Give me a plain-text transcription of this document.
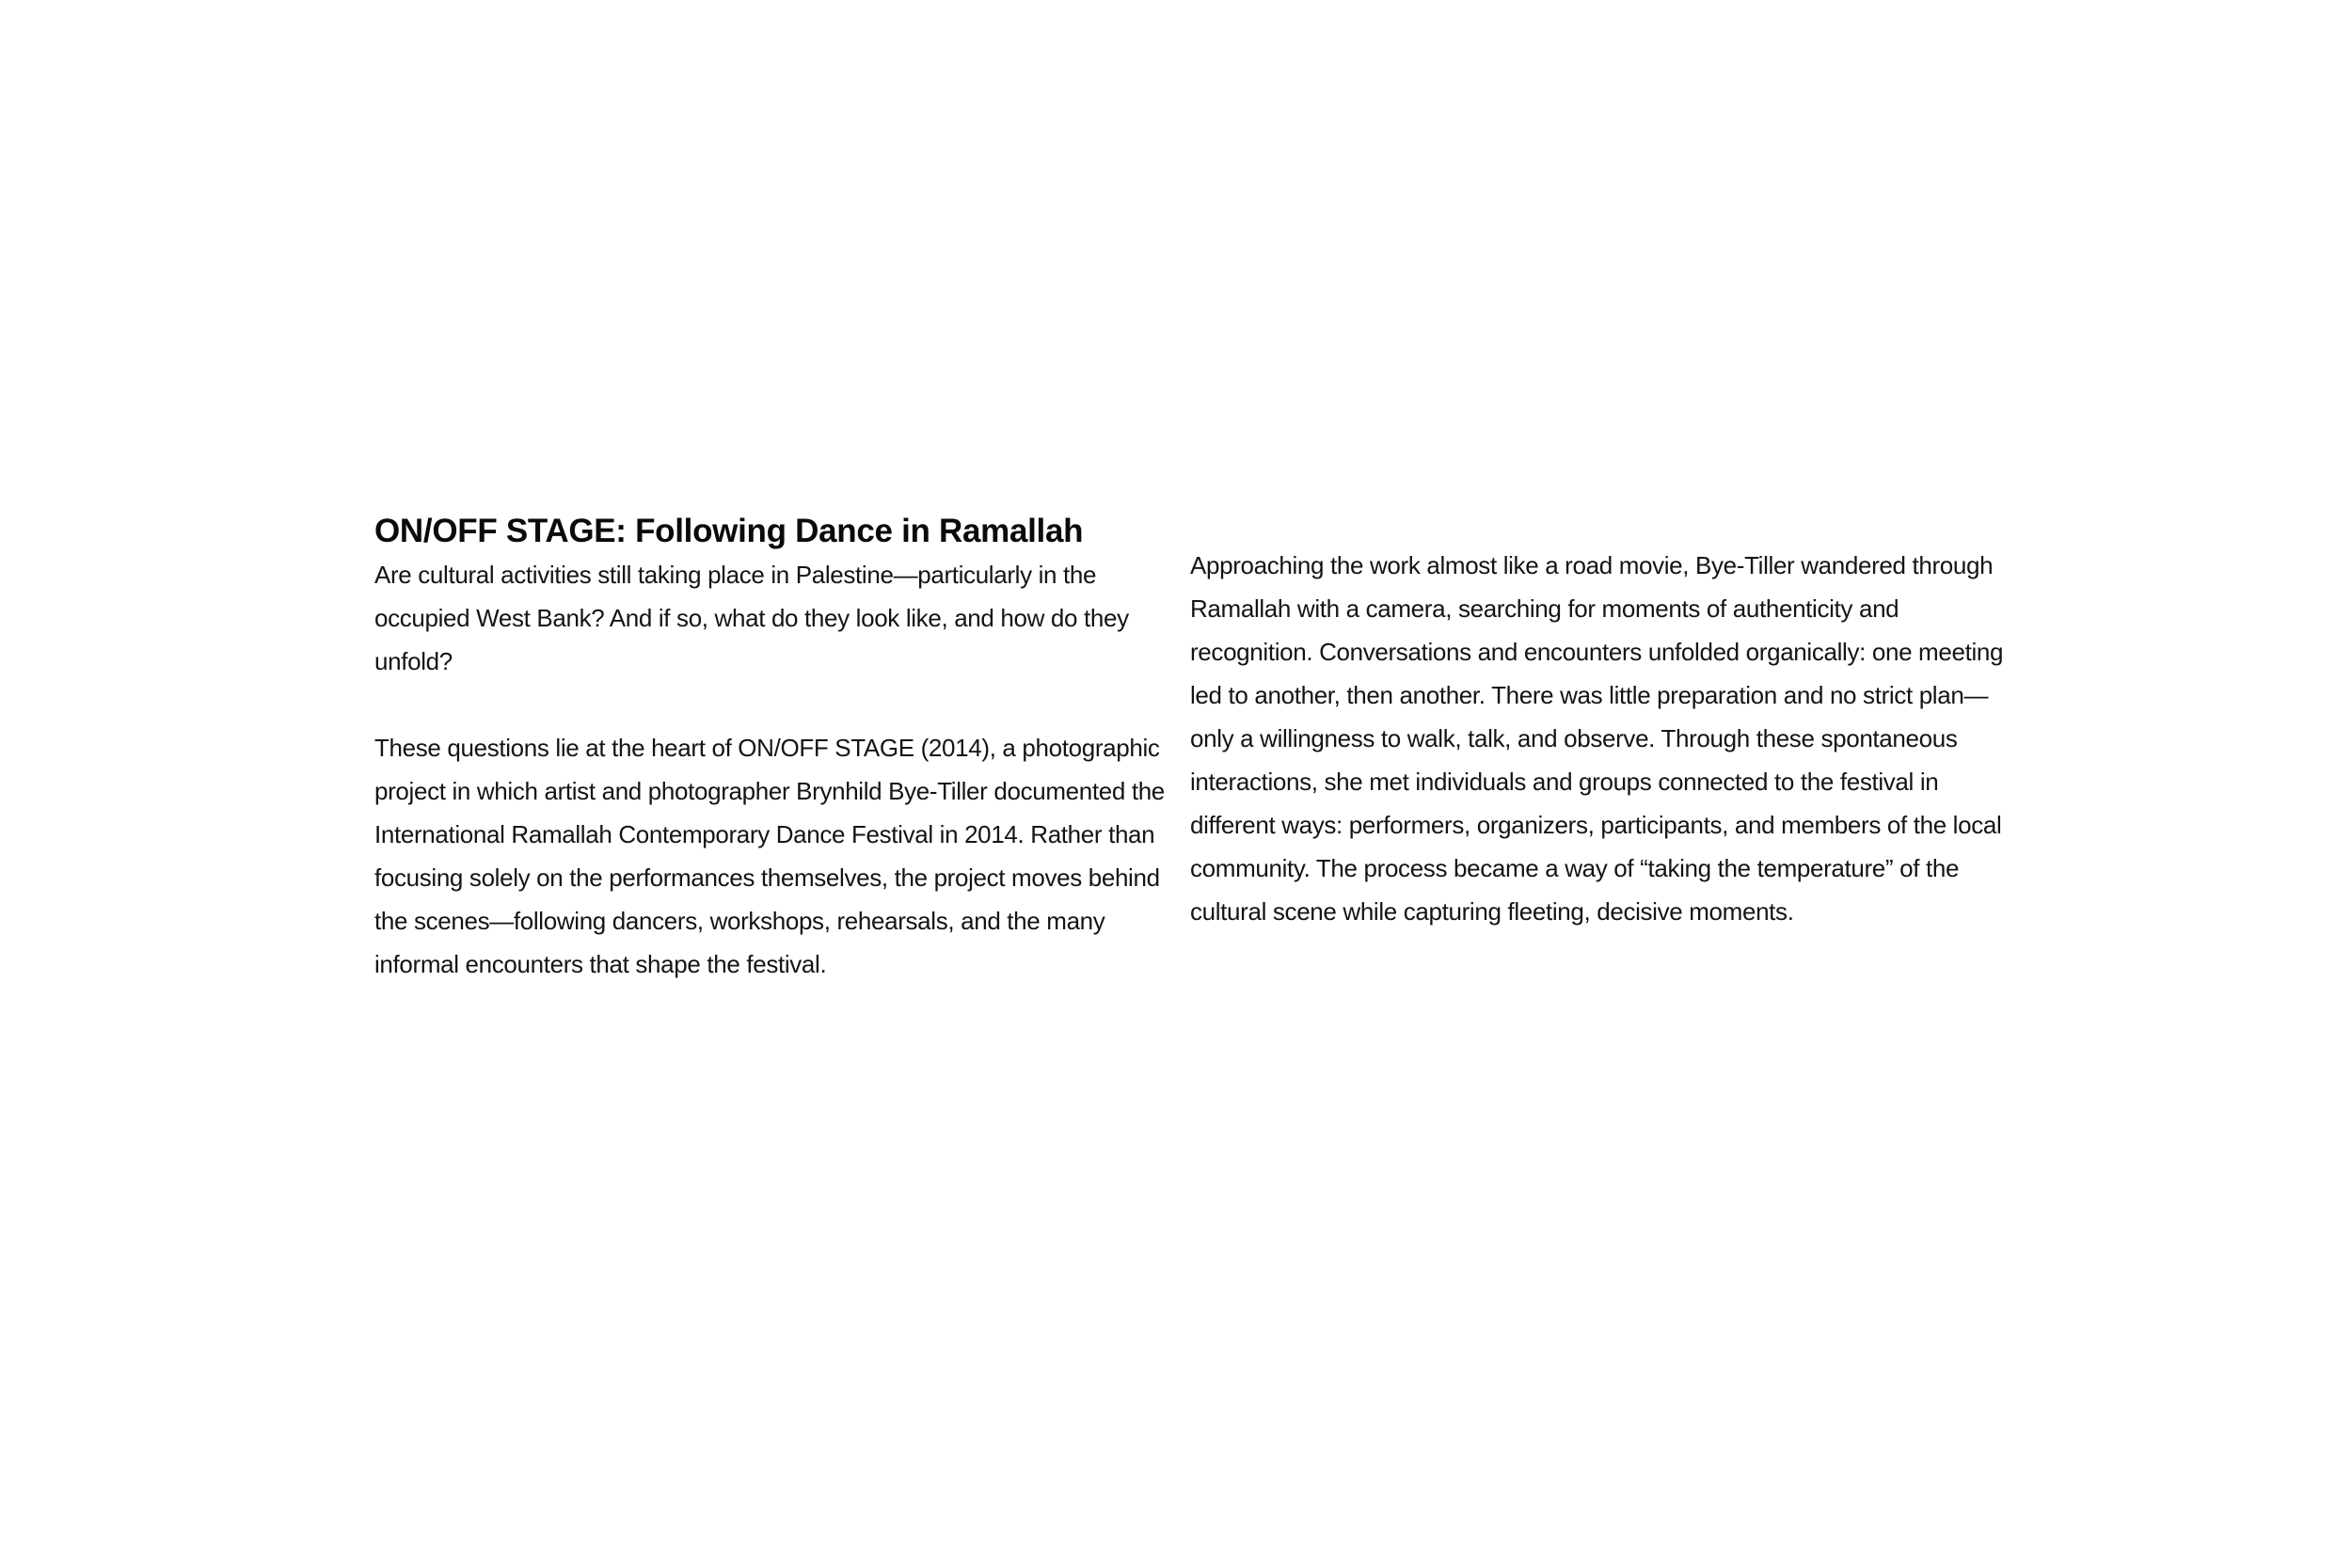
ON/OFF STAGE: Following Dance in Ramallah

Are cultural activities still taking place in Palestine—particularly in the occupied West Bank? And if so, what do they look like, and how do they unfold?

These questions lie at the heart of ON/OFF STAGE (2014), a photographic project in which artist and photographer Brynhild Bye-Tiller documented the International Ramallah Contemporary Dance Festival in 2014. Rather than focusing solely on the performances themselves, the project moves behind the scenes—following dancers, workshops, rehearsals, and the many informal encounters that shape the festival.

Approaching the work almost like a road movie, Bye-Tiller wandered through Ramallah with a camera, searching for moments of authenticity and recognition. Conversations and encounters unfolded organically: one meeting led to another, then another. There was little preparation and no strict plan—only a willingness to walk, talk, and observe. Through these spontaneous interactions, she met individuals and groups connected to the festival in different ways: performers, organizers, participants, and members of the local community. The process became a way of “taking the temperature” of the cultural scene while capturing fleeting, decisive moments.
